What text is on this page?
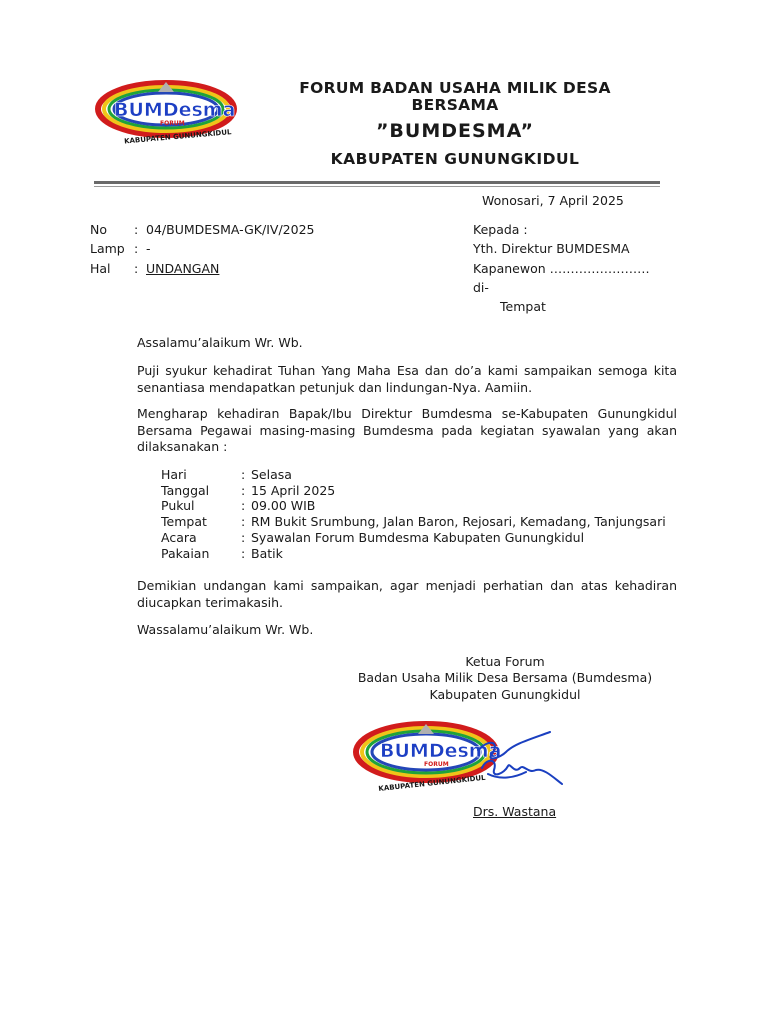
BUMDesma
FORUM
KABUPATEN GUNUNGKIDUL
FORUM BADAN USAHA MILIK DESA
BERSAMA
”BUMDESMA”
KABUPATEN GUNUNGKIDUL
Wonosari, 7 April 2025
No : 04/BUMDESMA-GK/IV/2025
Lamp : -
Hal : UNDANGAN
Kepada :
Yth. Direktur BUMDESMA
Kapanewon ……………………
di-
Tempat
Assalamu’alaikum Wr. Wb.
Puji syukur kehadirat Tuhan Yang Maha Esa dan do’a kami sampaikan semoga kita senantiasa mendapatkan petunjuk dan lindungan-Nya. Aamiin.
Mengharap kehadiran Bapak/Ibu Direktur Bumdesma se-Kabupaten Gunungkidul Bersama Pegawai masing-masing Bumdesma pada kegiatan syawalan yang akan dilaksanakan :
Hari	: Selasa
Tanggal	: 15 April 2025
Pukul	: 09.00 WIB
Tempat	: RM Bukit Srumbung, Jalan Baron, Rejosari, Kemadang, Tanjungsari
Acara	: Syawalan Forum Bumdesma Kabupaten Gunungkidul
Pakaian	: Batik
Demikian undangan kami sampaikan, agar menjadi perhatian dan atas kehadiran diucapkan terimakasih.
Wassalamu’alaikum Wr. Wb.
Ketua Forum
Badan Usaha Milik Desa Bersama (Bumdesma)
Kabupaten Gunungkidul
BUMDesma
FORUM
KABUPATEN GUNUNGKIDUL
Drs. Wastana
